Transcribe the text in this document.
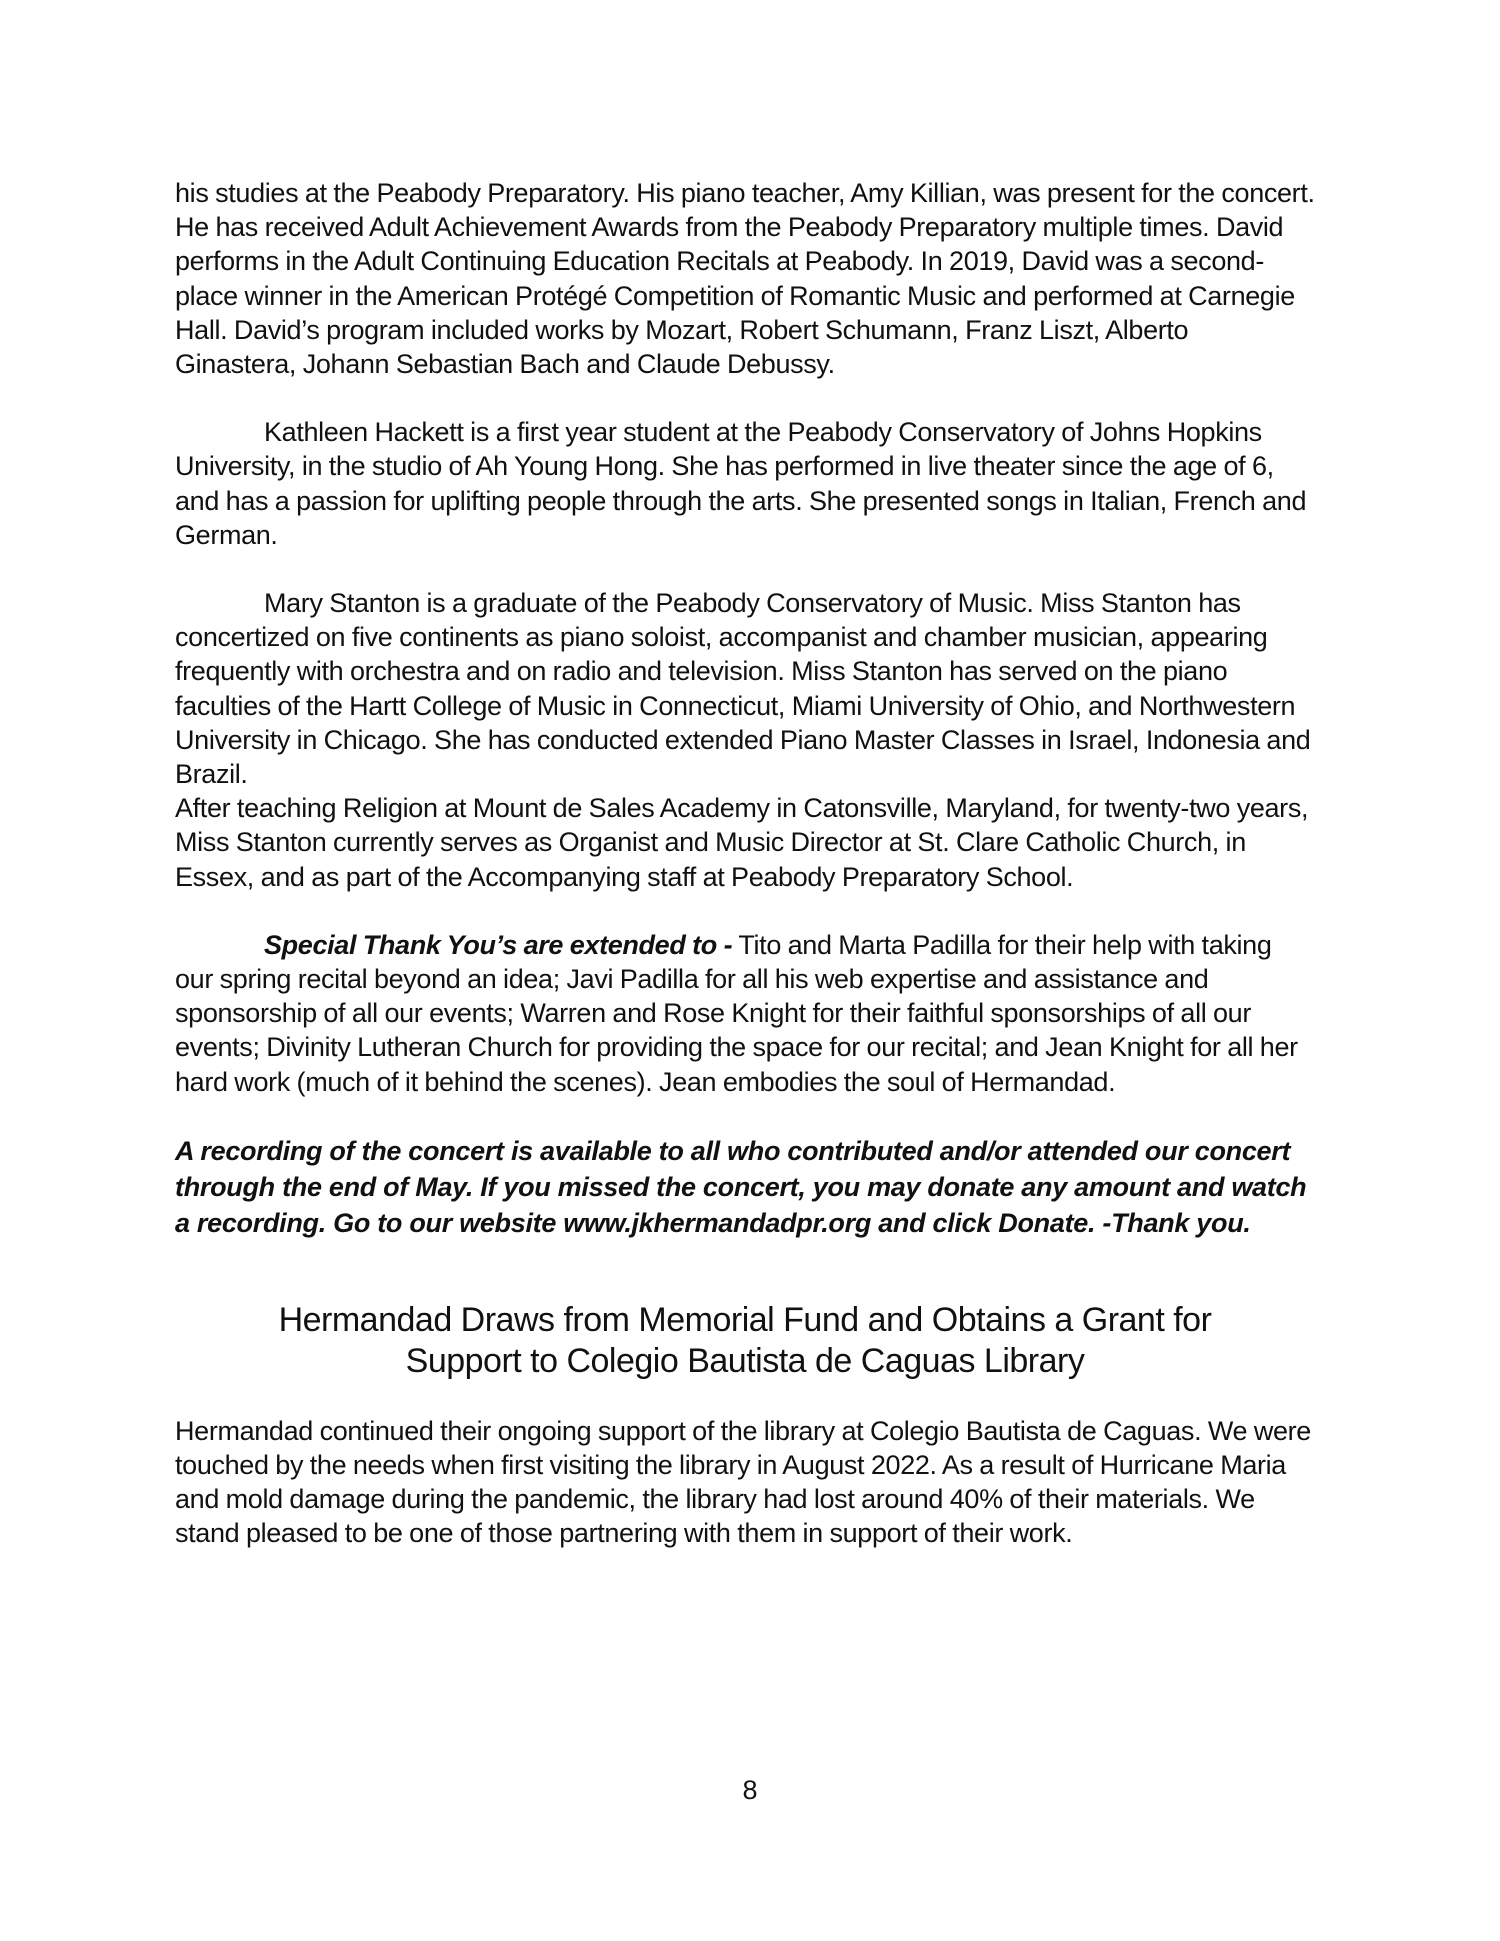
his studies at the Peabody Preparatory. His piano teacher, Amy Killian, was present for the concert. He has received Adult Achievement Awards from the Peabody Preparatory multiple times. David performs in the Adult Continuing Education Recitals at Peabody. In 2019, David was a second-place winner in the American Protégé Competition of Romantic Music and performed at Carnegie Hall. David’s program included works by Mozart, Robert Schumann, Franz Liszt, Alberto Ginastera, Johann Sebastian Bach and Claude Debussy.

Kathleen Hackett is a first year student at the Peabody Conservatory of Johns Hopkins University, in the studio of Ah Young Hong. She has performed in live theater since the age of 6, and has a passion for uplifting people through the arts. She presented songs in Italian, French and German.

Mary Stanton is a graduate of the Peabody Conservatory of Music. Miss Stanton has concertized on five continents as piano soloist, accompanist and chamber musician, appearing frequently with orchestra and on radio and television. Miss Stanton has served on the piano faculties of the Hartt College of Music in Connecticut, Miami University of Ohio, and Northwestern University in Chicago. She has conducted extended Piano Master Classes in Israel, Indonesia and Brazil.

After teaching Religion at Mount de Sales Academy in Catonsville, Maryland, for twenty-two years, Miss Stanton currently serves as Organist and Music Director at St. Clare Catholic Church, in Essex, and as part of the Accompanying staff at Peabody Preparatory School.

Special Thank You’s are extended to - Tito and Marta Padilla for their help with taking our spring recital beyond an idea; Javi Padilla for all his web expertise and assistance and sponsorship of all our events; Warren and Rose Knight for their faithful sponsorships of all our events; Divinity Lutheran Church for providing the space for our recital; and Jean Knight for all her hard work (much of it behind the scenes). Jean embodies the soul of Hermandad.

A recording of the concert is available to all who contributed and/or attended our concert through the end of May. If you missed the concert, you may donate any amount and watch a recording. Go to our website www.jkhermandadpr.org and click Donate. -Thank you.

Hermandad Draws from Memorial Fund and Obtains a Grant for
Support to Colegio Bautista de Caguas Library

Hermandad continued their ongoing support of the library at Colegio Bautista de Caguas. We were touched by the needs when first visiting the library in August 2022. As a result of Hurricane Maria and mold damage during the pandemic, the library had lost around 40% of their materials. We stand pleased to be one of those partnering with them in support of their work.

8
